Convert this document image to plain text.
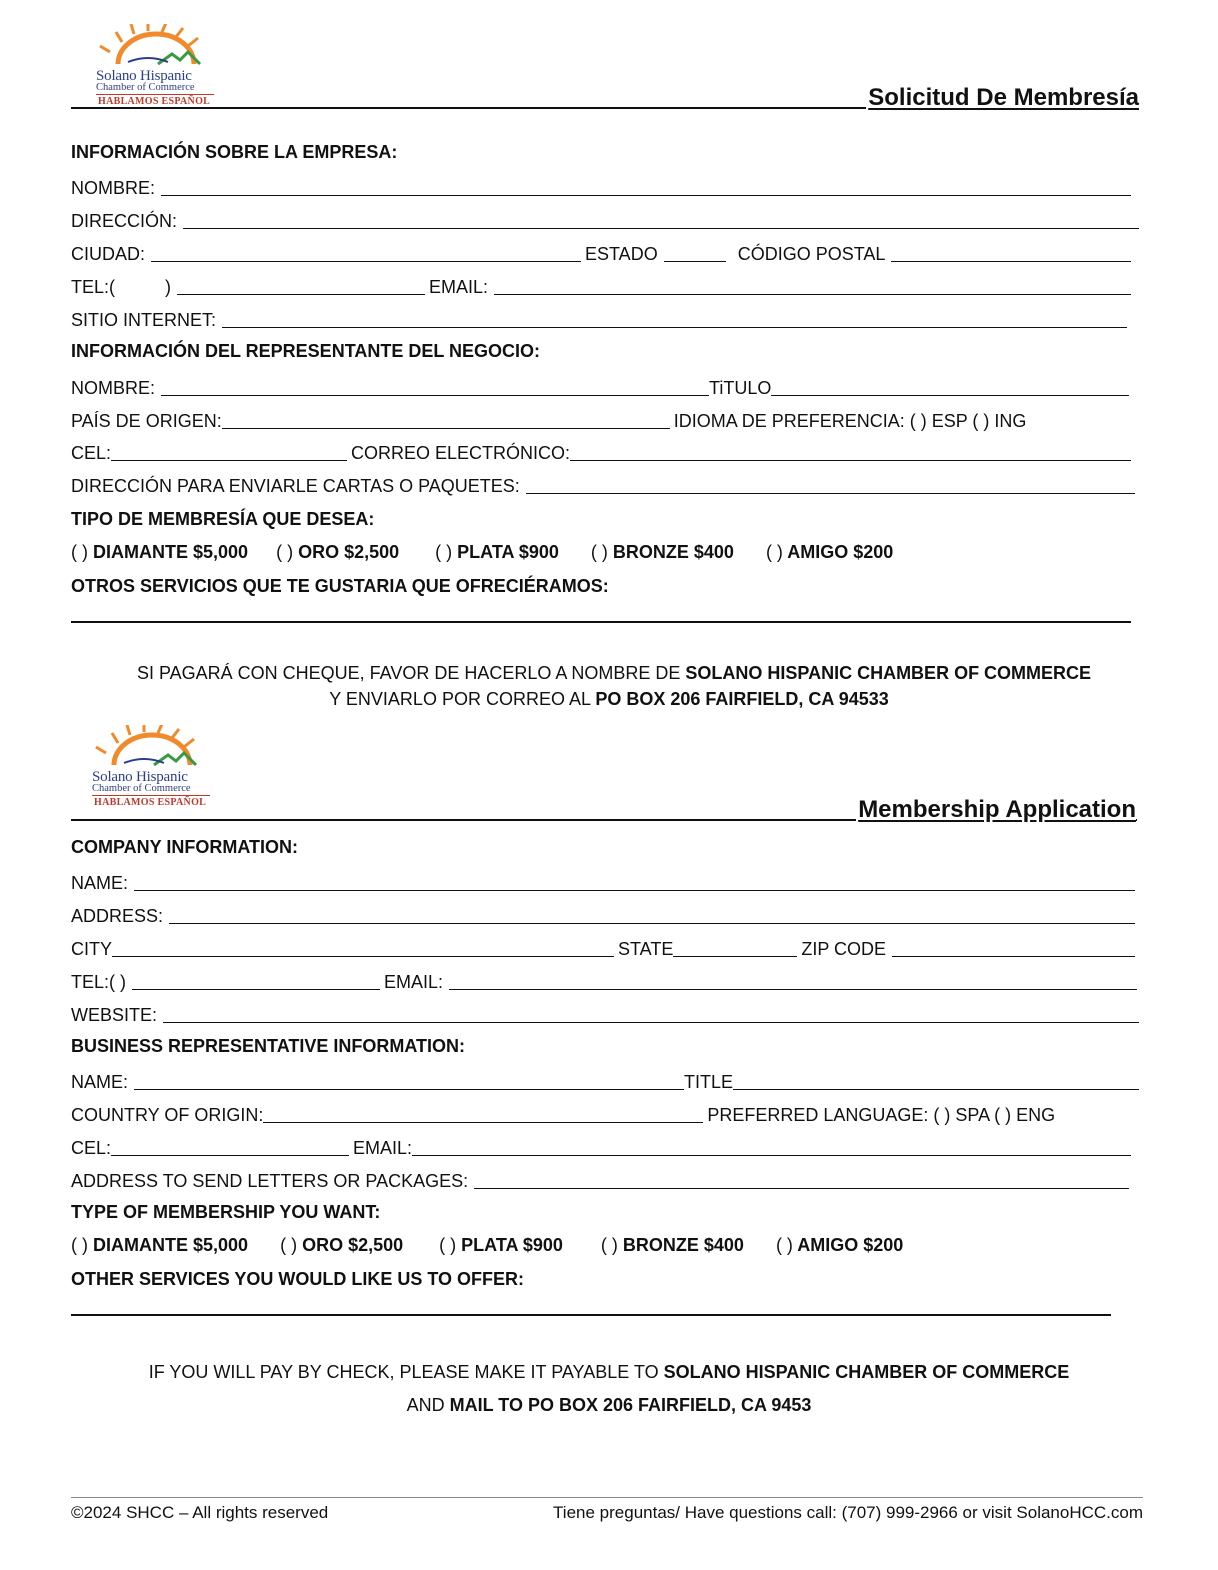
Solano Hispanic
Chamber of Commerce
HABLAMOS ESPAÑOL	Solicitud De Membresía
INFORMACIÓN SOBRE LA EMPRESA:
NOMBRE:
DIRECCIÓN:
CIUDAD:	ESTADO	CÓDIGO POSTAL
TEL:(	)	EMAIL:
SITIO INTERNET:
INFORMACIÓN DEL REPRESENTANTE DEL NEGOCIO:
NOMBRE:	TiTULO
PAÍS DE ORIGEN:	IDIOMA DE PREFERENCIA: ( ) ESP ( ) ING
CEL:	CORREO ELECTRÓNICO:
DIRECCIÓN PARA ENVIARLE CARTAS O PAQUETES:
TIPO DE MEMBRESÍA QUE DESEA:
( ) DIAMANTE $5,000 ( ) ORO $2,500 ( ) PLATA $900 ( ) BRONZE $400 ( ) AMIGO $200
OTROS SERVICIOS QUE TE GUSTARIA QUE OFRECIÉRAMOS:
SI PAGARÁ CON CHEQUE, FAVOR DE HACERLO A NOMBRE DE SOLANO HISPANIC CHAMBER OF COMMERCE
Y ENVIARLO POR CORREO AL PO BOX 206 FAIRFIELD, CA 94533
Solano Hispanic
Chamber of Commerce
HABLAMOS ESPAÑOL	Membership Application
COMPANY INFORMATION:
NAME:
ADDRESS:
CITY	STATE	ZIP CODE
TEL:( )	EMAIL:
WEBSITE:
BUSINESS REPRESENTATIVE INFORMATION:
NAME:	TITLE
COUNTRY OF ORIGIN:	PREFERRED LANGUAGE: ( ) SPA ( ) ENG
CEL:	EMAIL:
ADDRESS TO SEND LETTERS OR PACKAGES:
TYPE OF MEMBERSHIP YOU WANT:
( ) DIAMANTE $5,000 ( ) ORO $2,500 ( ) PLATA $900 ( ) BRONZE $400 ( ) AMIGO $200
OTHER SERVICES YOU WOULD LIKE US TO OFFER:
IF YOU WILL PAY BY CHECK, PLEASE MAKE IT PAYABLE TO SOLANO HISPANIC CHAMBER OF COMMERCE
AND MAIL TO PO BOX 206 FAIRFIELD, CA 9453
©2024 SHCC – All rights reserved	Tiene preguntas/ Have questions call: (707) 999-2966 or visit SolanoHCC.com
